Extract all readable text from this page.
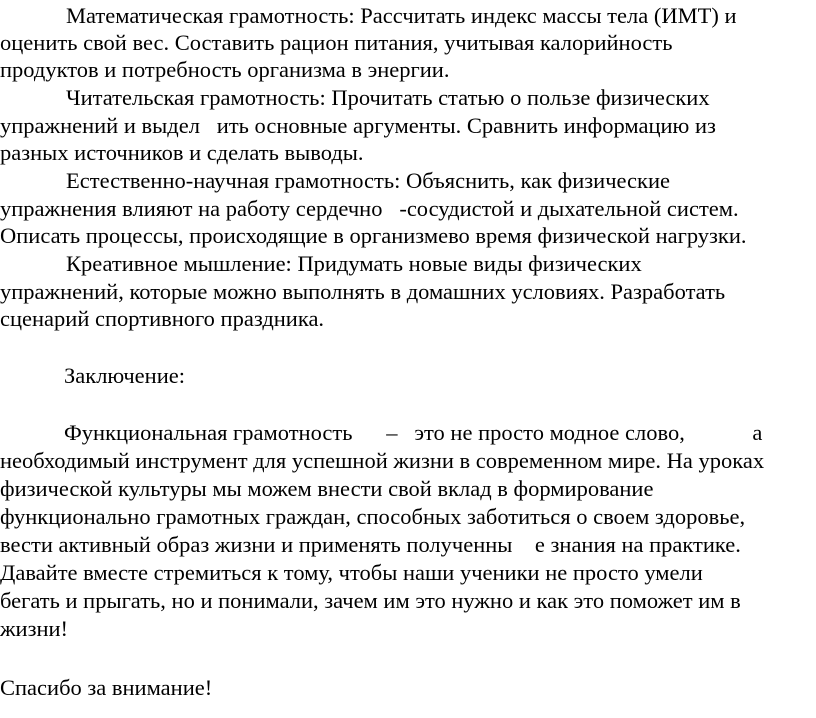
Математическая грамотность: Рассчитать индекс массы тела (ИМТ) и

оценить свой вес. Составить рацион питания, учитывая калорийность

продуктов и потребность организма в энергии.

Читательская грамотность: Прочитать статью о пользе физических

упражнений и выдел   ить основные аргументы. Сравнить информацию из

разных источников и сделать выводы.

Естественно-научная грамотность: Объяснить, как физические

упражнения влияют на работу сердечно   -сосудистой и дыхательной систем.

Описать процессы, происходящие в организмево время физической нагрузки.

Креативное мышление: Придумать новые виды физических

упражнений, которые можно выполнять в домашних условиях. Разработать

сценарий спортивного праздника.

Заключение:

Функциональная грамотность      –   это не просто модное слово,            а

необходимый инструмент для успешной жизни в современном мире. На уроках

физической культуры мы можем внести свой вклад в формирование

функционально грамотных граждан, способных заботиться о своем здоровье,

вести активный образ жизни и применять полученны    е знания на практике.

Давайте вместе стремиться к тому, чтобы наши ученики не просто умели

бегать и прыгать, но и понимали, зачем им это нужно и как это поможет им в

жизни!

Спасибо за внимание!
